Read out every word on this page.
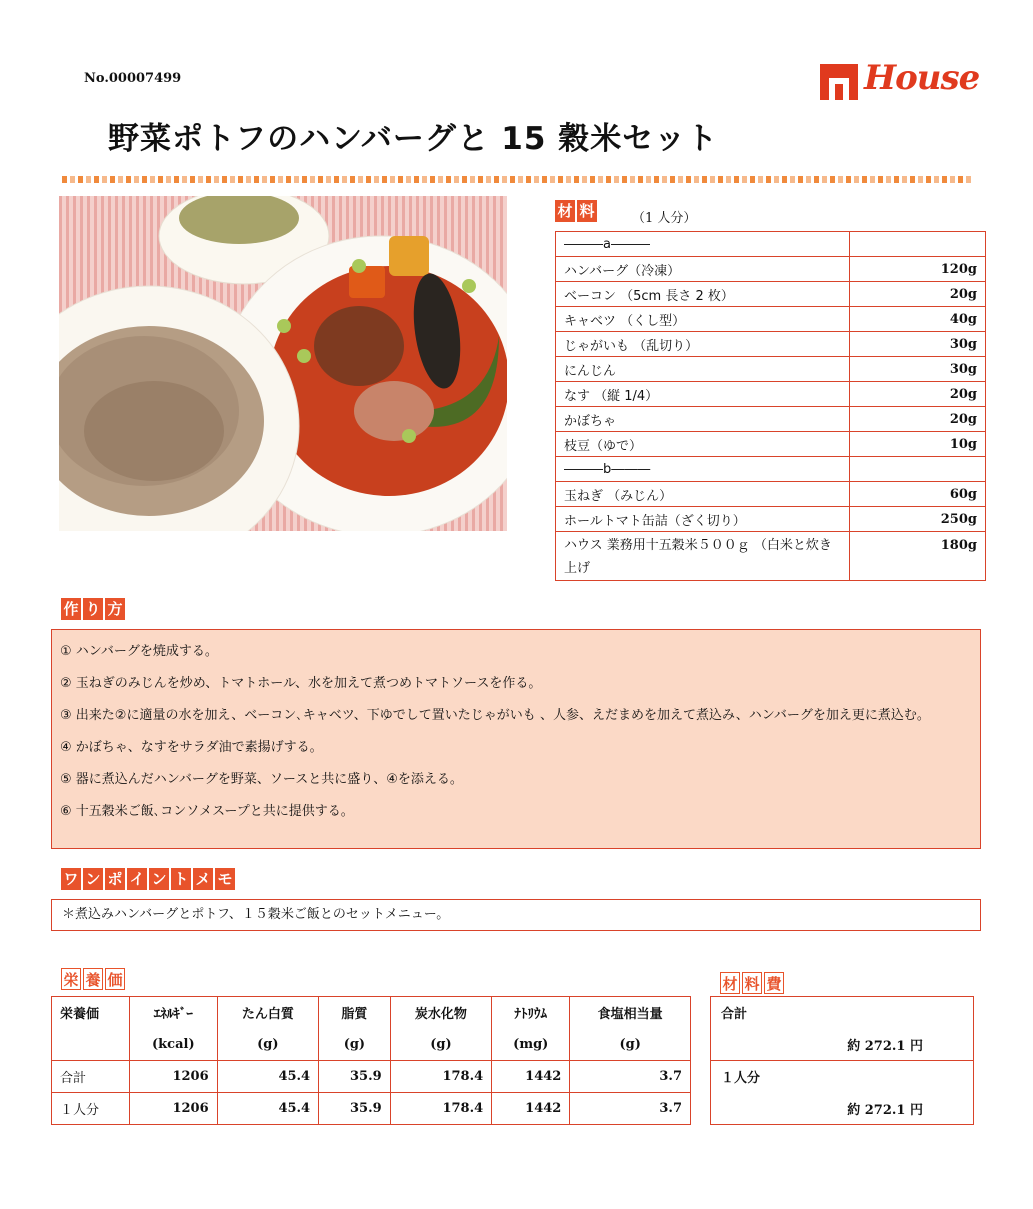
No.00007499	House
野菜ポトフのハンバーグと 15 穀米セット
材 料	（1 人分）
―――a―――	
ハンバーグ（冷凍）	120g
ベーコン （5cm 長さ 2 枚）	20g
キャベツ （くし型）	40g
じゃがいも （乱切り）	30g
にんじん	30g
なす （縦 1/4）	20g
かぼちゃ	20g
枝豆（ゆで）	10g
―――b―――	
玉ねぎ （みじん）	60g
ホールトマト缶詰（ざく切り）	250g
ハウス 業務用十五穀米５００ｇ （白米と炊き上げ	180g
作 り 方

① ハンバーグを焼成する。

② 玉ねぎのみじんを炒め、トマトホール、水を加えて煮つめトマトソースを作る。

③ 出来た②に適量の水を加え、ベーコン､キャベツ、下ゆでして置いたじゃがいも 、人参、えだまめを加えて煮込み、ハンバーグを加え更に煮込む。

④ かぼちゃ、なすをサラダ油で素揚げする。

⑤ 器に煮込んだハンバーグを野菜、ソースと共に盛り、④を添える。

⑥ 十五穀米ご飯､コンソメスープと共に提供する。

ワ ン ポ イ ン ト メ モ
＊煮込みハンバーグとポトフ、１５穀米ご飯とのセットメニュー。
栄 養 価
栄養価	ｴﾈﾙｷﾞｰ	たん白質	脂質	炭水化物	ﾅﾄﾘｳﾑ	食塩相当量
	(kcal)	(g)	(g)	(g)	(mg)	(g)
合計	1206	45.4	35.9	178.4	1442	3.7
１人分	1206	45.4	35.9	178.4	1442	3.7
材 料 費
合計
約 272.1 円
１人分
約 272.1 円
